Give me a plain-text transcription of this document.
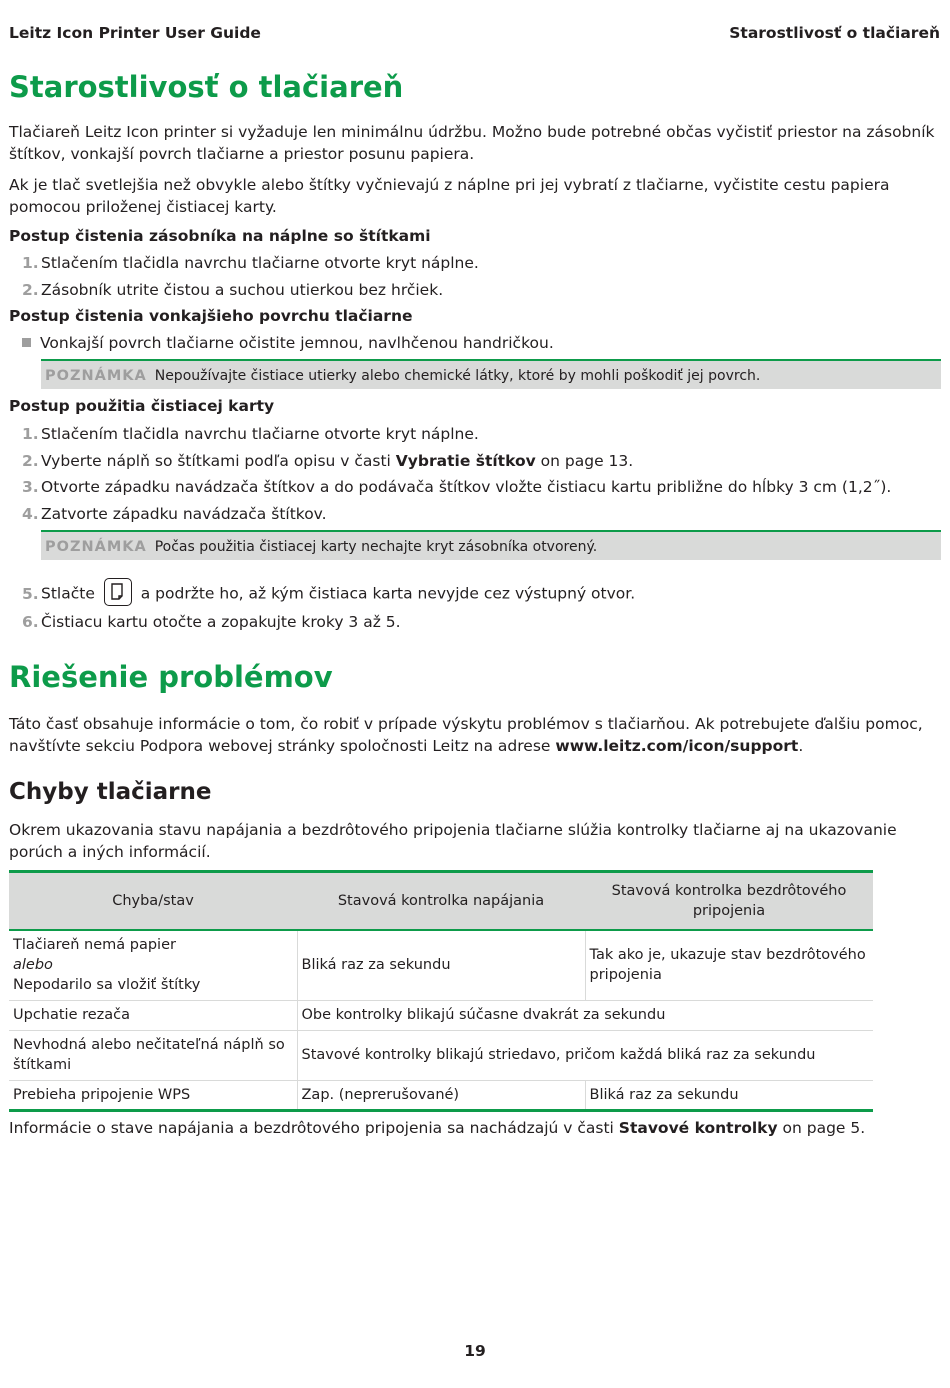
Leitz Icon Printer User Guide	Starostlivosť o tlačiareň
Starostlivosť o tlačiareň

Tlačiareň Leitz Icon printer si vyžaduje len minimálnu údržbu. Možno bude potrebné občas vyčistiť priestor na zásobník štítkov, vonkajší povrch tlačiarne a priestor posunu papiera.

Ak je tlač svetlejšia než obvykle alebo štítky vyčnievajú z náplne pri jej vybratí z tlačiarne, vyčistite cestu papiera pomocou priloženej čistiacej karty.

Postup čistenia zásobníka na náplne so štítkami

1. Stlačením tlačidla navrchu tlačiarne otvorte kryt náplne.
2. Zásobník utrite čistou a suchou utierkou bez hrčiek.

Postup čistenia vonkajšieho povrchu tlačiarne

Vonkajší povrch tlačiarne očistite jemnou, navlhčenou handričkou.
POZNÁMKA Nepoužívajte čistiace utierky alebo chemické látky, ktoré by mohli poškodiť jej povrch.

Postup použitia čistiacej karty

1. Stlačením tlačidla navrchu tlačiarne otvorte kryt náplne.
2. Vyberte náplň so štítkami podľa opisu v časti Vybratie štítkov on page 13.
3. Otvorte západku navádzača štítkov a do podávača štítkov vložte čistiacu kartu približne do hĺbky 3 cm (1,2˝).
4. Zatvorte západku navádzača štítkov.
POZNÁMKA Počas použitia čistiacej karty nechajte kryt zásobníka otvorený.
5. Stlačte	a podržte ho, až kým čistiaca karta nevyjde cez výstupný otvor.
6. Čistiacu kartu otočte a zopakujte kroky 3 až 5.
Riešenie problémov

Táto časť obsahuje informácie o tom, čo robiť v prípade výskytu problémov s tlačiarňou. Ak potrebujete ďalšiu pomoc, navštívte sekciu Podpora webovej stránky spoločnosti Leitz na adrese www.leitz.com/icon/support.

Chyby tlačiarne

Okrem ukazovania stavu napájania a bezdrôtového pripojenia tlačiarne slúžia kontrolky tlačiarne aj na ukazovanie porúch a iných informácií.

Chyba/stav	Stavová kontrolka napájania	Stavová kontrolka bezdrôtového pripojenia

Tlačiareň nemá papier
alebo
Nepodarilo sa vložiť štítky	Bliká raz za sekundu	Tak ako je, ukazuje stav bezdrôtového pripojenia
Upchatie rezača	Obe kontrolky blikajú súčasne dvakrát za sekundu	
Nevhodná alebo nečitateľná náplň so štítkami	Stavové kontrolky blikajú striedavo, pričom každá bliká raz za sekundu	
Prebieha pripojenie WPS	Zap. (neprerušované)	Bliká raz za sekundu

Informácie o stave napájania a bezdrôtového pripojenia sa nachádzajú v časti Stavové kontrolky on page 5.

19
